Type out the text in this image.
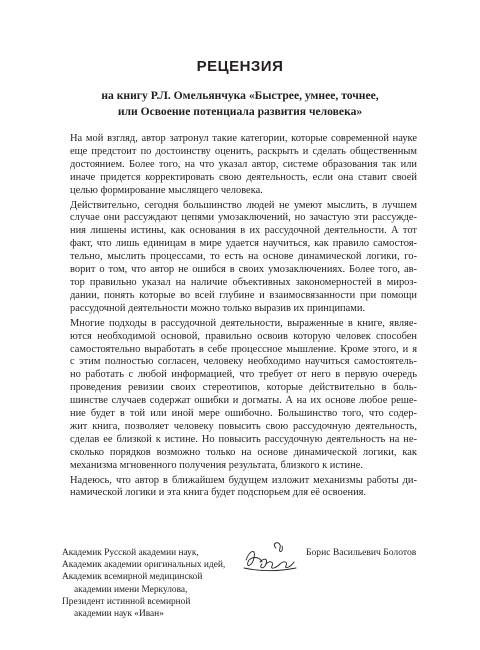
РЕЦЕНЗИЯ
на книгу Р.Л. Омельянчука «Быстрее, умнее, точнее,
или Освоение потенциала развития человека»

На мой взгляд, автор затронул такие категории, которые современной науке
еще предстоит по достоинству оценить, раскрыть и сделать общественным
достоянием. Более того, на что указал автор, системе образования так или
иначе придется корректировать свою деятельность, если она ставит своей
целью формирование мыслящего человека.

Действительно, сегодня большинство людей не умеют мыслить, в лучшем
случае они рассуждают цепями умозаключений, но зачастую эти рассужде-
ния лишены истины, как основания в их рассудочной деятельности. А тот
факт, что лишь единицам в мире удается научиться, как правило самостоя-
тельно, мыслить процессами, то есть на основе динамической логики, го-
ворит о том, что автор не ошибся в своих умозаключениях. Более того, ав-
тор правильно указал на наличие объективных закономерностей в мироз-
дании, понять которые во всей глубине и взаимосвязанности при помощи
рассудочной деятельности можно только выразив их принципами.

Многие подходы в рассудочной деятельности, выраженные в книге, являе-
ются необходимой основой, правильно освоив которую человек способен
самостоятельно выработать в себе процессное мышление. Кроме этого, и я
с этим полностью согласен, человеку необходимо научиться самостоятель-
но работать с любой информацией, что требует от него в первую очередь
проведения ревизии своих стереотипов, которые действительно в боль-
шинстве случаев содержат ошибки и догматы. А на их основе любое реше-
ние будет в той или иной мере ошибочно. Большинство того, что содер-
жит книга, позволяет человеку повысить свою рассудочную деятельность,
сделав ее близкой к истине. Но повысить рассудочную деятельность на не-
сколько порядков возможно только на основе динамической логики, как
механизма мгновенного получения результата, близкого к истине.

Надеюсь, что автор в ближайшем будущем изложит механизмы работы ди-
намической логики и эта книга будет подспорьем для её освоения.

Академик Русской академии наук,
Академик академии оригинальных идей,
Академик всемирной медицинской
академии имени Меркулова,
Президент истинной всемирной
академии наук «Иван»
Борис Васильевич Болотов
